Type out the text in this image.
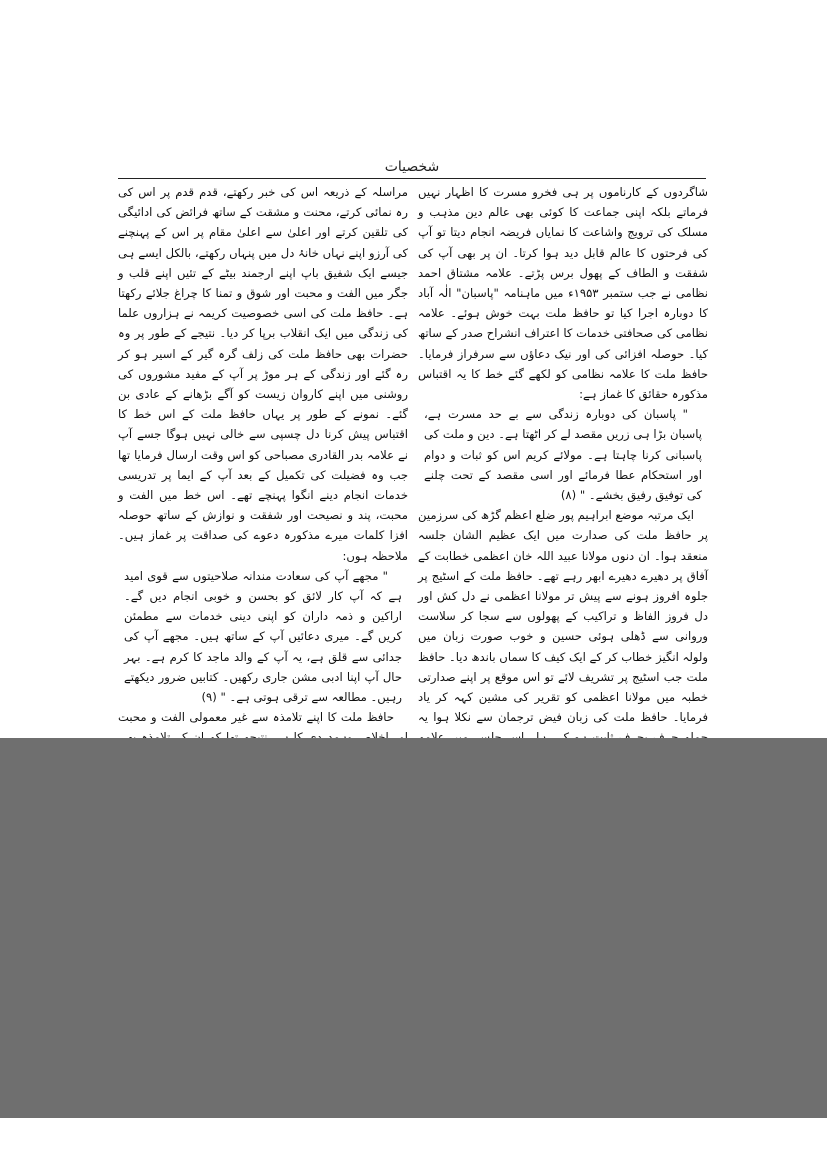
شخصیات

شاگردوں کے کارناموں پر ہی فخرو مسرت کا اظہار نہیں فرماتے بلکہ اپنی جماعت کا کوئی بھی عالم دین مذہب و مسلک کی ترویج واشاعت کا نمایاں فریضہ انجام دیتا تو آپ کی فرحتوں کا عالم قابل دید ہوا کرتا۔ ان پر بھی آپ کی شفقت و الطاف کے پھول برس پڑتے۔ علامہ مشتاق احمد نظامی نے جب ستمبر ۱۹۵۳ء میں ماہنامہ "پاسبان" الٰہ آباد کا دوبارہ اجرا کیا تو حافظ ملت بہت خوش ہوئے۔ علامہ نظامی کی صحافتی خدمات کا اعتراف انشراح صدر کے ساتھ کیا۔ حوصلہ افزائی کی اور نیک دعاؤں سے سرفراز فرمایا۔ حافظ ملت کا علامہ نظامی کو لکھے گئے خط کا یہ اقتباس مذکورہ حقائق کا غماز ہے:

" پاسبان کی دوبارہ زندگی سے بے حد مسرت ہے، پاسبان بڑا ہی زریں مقصد لے کر اٹھتا ہے۔ دین و ملت کی پاسبانی کرنا چاہتا ہے۔ مولائے کریم اس کو ثبات و دوام اور استحکام عطا فرمائے اور اسی مقصد کے تحت چلنے کی توفیق رفیق بخشے۔ " (۸)

ایک مرتبہ موضع ابراہیم پور ضلع اعظم گڑھ کی سرزمین پر حافظ ملت کی صدارت میں ایک عظیم الشان جلسہ منعقد ہوا۔ ان دنوں مولانا عبید اللہ خان اعظمی خطابت کے آفاق پر دھیرے دھیرے ابھر رہے تھے۔ حافظ ملت کے اسٹیج پر جلوہ افروز ہونے سے پیش تر مولانا اعظمی نے دل کش اور دل فروز الفاظ و تراکیب کے پھولوں سے سجا کر سلاست وروانی سے ڈھلی ہوئی حسین و خوب صورت زبان میں ولولہ انگیز خطاب کر کے ایک کیف کا سماں باندھ دیا۔ حافظ ملت جب اسٹیج پر تشریف لائے تو اس موقع پر اپنے صدارتی خطبہ میں مولانا اعظمی کو تقریر کی مشین کہہ کر یاد فرمایا۔ حافظ ملت کی زبان فیض ترجمان سے نکلا ہوا یہ

مراسلہ کے ذریعہ اس کی خبر رکھتے، قدم قدم پر اس کی رہ نمائی کرتے، محنت و مشقت کے ساتھ فرائض کی ادائیگی کی تلقین کرتے اور اعلیٰ سے اعلیٰ مقام پر اس کے پہنچنے کی آرزو اپنے نہاں خانۂ دل میں پنہاں رکھتے، بالکل ایسے ہی جیسے ایک شفیق باپ اپنے ارجمند بیٹے کے تئیں اپنے قلب و جگر میں الفت و محبت اور شوق و تمنا کا چراغ جلائے رکھتا ہے۔ حافظ ملت کی اسی خصوصیت کریمہ نے ہزاروں علما کی زندگی میں ایک انقلاب برپا کر دیا۔ نتیجے کے طور پر وہ حضرات بھی حافظ ملت کی زلف گرہ گیر کے اسیر ہو کر رہ گئے اور زندگی کے ہر موڑ پر آپ کے مفید مشوروں کی روشنی میں اپنے کاروان زیست کو آگے بڑھانے کے عادی بن گئے۔ نمونے کے طور پر یہاں حافظ ملت کے اس خط کا اقتباس پیش کرنا دل چسپی سے خالی نہیں ہوگا جسے آپ نے علامہ بدر القادری مصباحی کو اس وقت ارسال فرمایا تھا جب وہ فضیلت کی تکمیل کے بعد آپ کے ایما پر تدریسی خدمات انجام دینے انگوا پہنچے تھے۔ اس خط میں الفت و محبت، پند و نصیحت اور شفقت و نوازش کے ساتھ حوصلہ افزا کلمات میرے مذکورہ دعوے کی صداقت پر غماز ہیں۔ ملاحظہ ہوں:

" مجھے آپ کی سعادت مندانہ صلاحیتوں سے قوی امید ہے کہ آپ کار لائق کو بحسن و خوبی انجام دیں گے۔ اراکین و ذمہ داران کو اپنی دینی خدمات سے مطمئن کریں گے۔ میری دعائیں آپ کے ساتھ ہیں۔ مجھے آپ کی جدائی سے قلق ہے، یہ آپ کے والد ماجد کا کرم ہے۔ بہر حال آپ اپنا ادبی مشن جاری رکھیں۔ کتابیں ضرور دیکھتے رہیں۔ مطالعہ سے ترقی ہوتی ہے۔ " (۹)

حافظ ملت کا اپنے تلامذہ سے غیر معمولی الفت و محبت
